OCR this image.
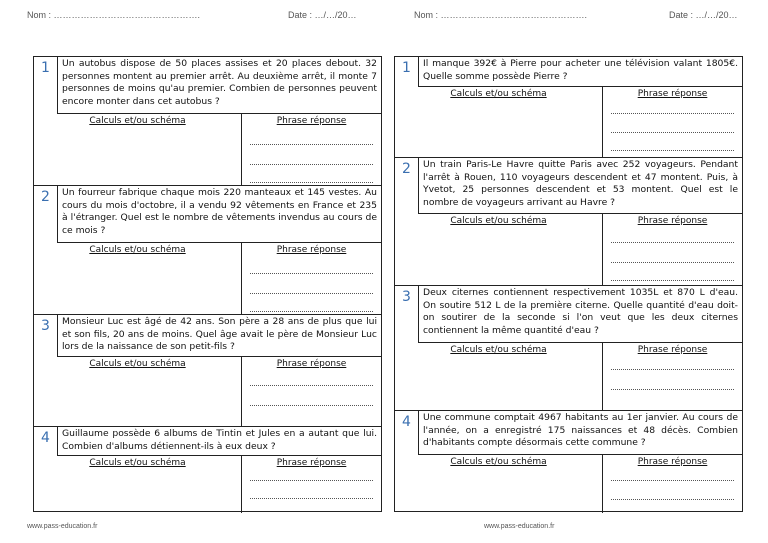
Nom : ………………………………………….	Date : …/…/20…	Nom : ………………………………………….	Date : …/…/20…
1	Un autobus dispose de 50 places assises et 20 places debout. 32 personnes montent au premier arrêt. Au deuxième arrêt, il monte 7 personnes de moins qu'au premier. Combien de personnes peuvent encore monter dans cet autobus ?
Calculs et/ou schéma	Phrase réponse
2	Un fourreur fabrique chaque mois 220 manteaux et 145 vestes. Au cours du mois d'octobre, il a vendu 92 vêtements en France et 235 à l'étranger. Quel est le nombre de vêtements invendus au cours de ce mois ?
Calculs et/ou schéma	Phrase réponse
3	Monsieur Luc est âgé de 42 ans. Son père a 28 ans de plus que lui et son fils, 20 ans de moins. Quel âge avait le père de Monsieur Luc lors de la naissance de son petit-fils ?
Calculs et/ou schéma	Phrase réponse
4	Guillaume possède 6 albums de Tintin et Jules en a autant que lui. Combien d'albums détiennent-ils à eux deux ?
Calculs et/ou schéma	Phrase réponse
1	Il manque 392€ à Pierre pour acheter une télévision valant 1805€. Quelle somme possède Pierre ?
Calculs et/ou schéma	Phrase réponse
2	Un train Paris-Le Havre quitte Paris avec 252 voyageurs. Pendant l'arrêt à Rouen, 110 voyageurs descendent et 47 montent. Puis, à Yvetot, 25 personnes descendent et 53 montent. Quel est le nombre de voyageurs arrivant au Havre ?
Calculs et/ou schéma	Phrase réponse
3	Deux citernes contiennent respectivement 1035L et 870 L d'eau. On soutire 512 L de la première citerne. Quelle quantité d'eau doit-on soutirer de la seconde si l'on veut que les deux citernes contiennent la même quantité d'eau ?
Calculs et/ou schéma	Phrase réponse
4	Une commune comptait 4967 habitants au 1er janvier. Au cours de l'année, on a enregistré 175 naissances et 48 décès. Combien d'habitants compte désormais cette commune ?
Calculs et/ou schéma	Phrase réponse
www.pass-education.fr	www.pass-education.fr
